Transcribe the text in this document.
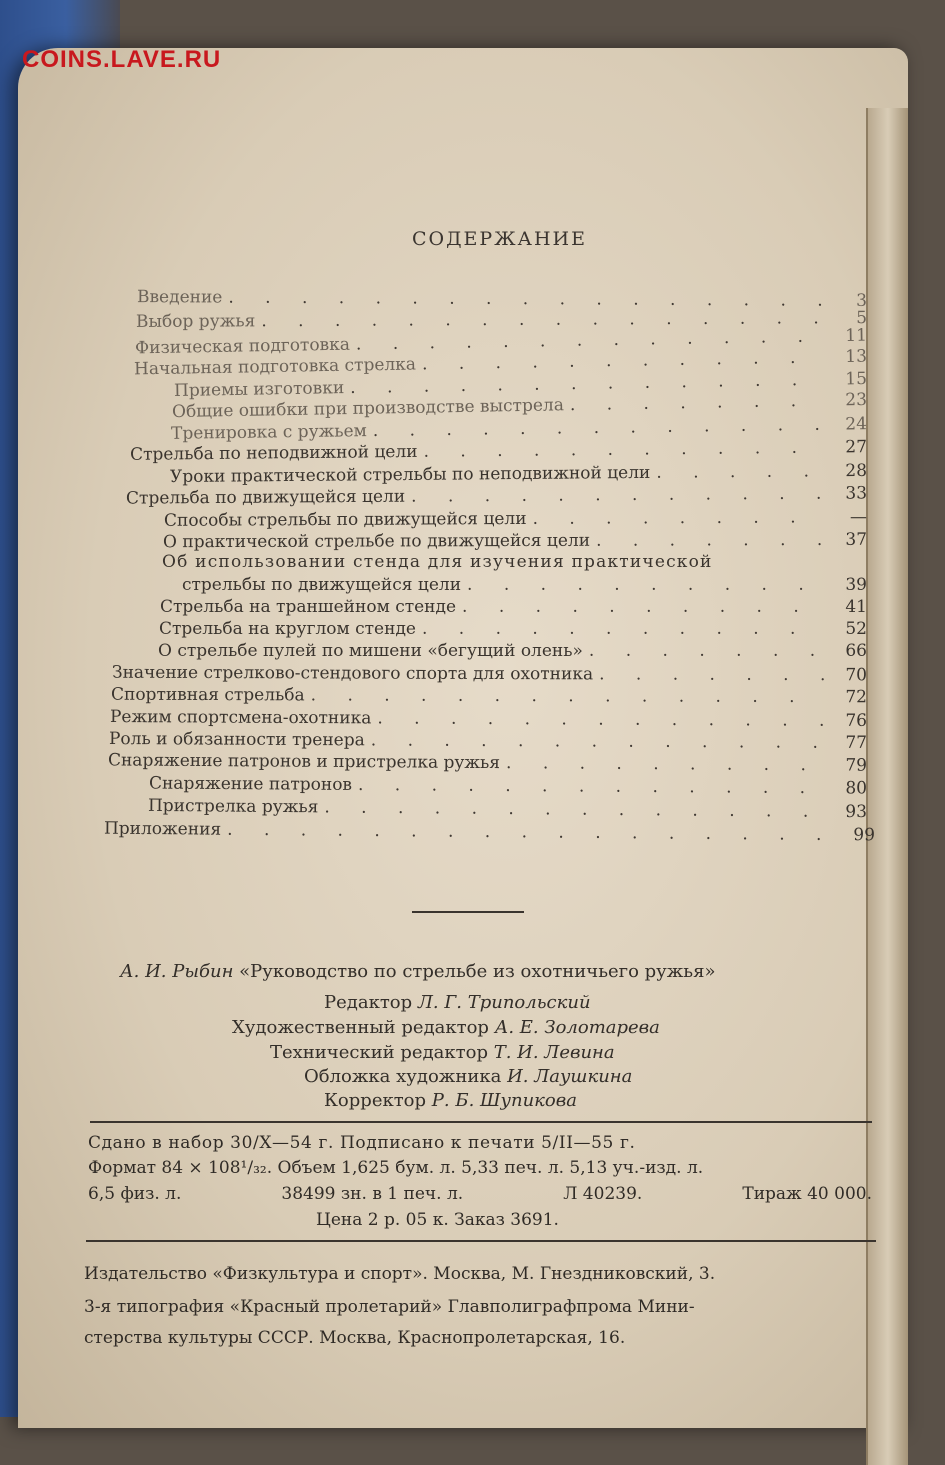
COINS.LAVE.RU
СОДЕРЖАНИЕ
Введение . . .	3
Выбор ружья . . .	5
Физическая подготовка . . .	11
Начальная подготовка стрелка . . .	13
Приемы изготовки . . .	15
Общие ошибки при производстве выстрела . . .	23
Тренировка с ружьем . . .	24
Стрельба по неподвижной цели . . .	27
Уроки практической стрельбы по неподвижной цели . . .	28
Стрельба по движущейся цели . . .	33
Способы стрельбы по движущейся цели . . .	—
О практической стрельбе по движущейся цели . . .	37
Об использовании стенда для изучения практической
стрельбы по движущейся цели . . .	39
Стрельба на траншейном стенде . . .	41
Стрельба на круглом стенде . . .	52
О стрельбе пулей по мишени «бегущий олень» . . .	66
Значение стрелково-стендового спорта для охотника . . .	70
Спортивная стрельба . . .	72
Режим спортсмена-охотника . . .	76
Роль и обязанности тренера . . .	77
Снаряжение патронов и пристрелка ружья . . .	79
Снаряжение патронов . . .	80
Пристрелка ружья . . .	93
Приложения . . .	99
А. И. Рыбин «Руководство по стрельбе из охотничьего ружья»
Редактор Л. Г. Трипольский
Художественный редактор А. Е. Золотарева
Технический редактор Т. И. Левина
Обложка художника И. Лаушкина
Корректор Р. Б. Шупикова
Сдано в набор 30/X—54 г. Подписано к печати 5/II—55 г.
Формат 84 × 108¹/₃₂. Объем 1,625 бум. л. 5,33 печ. л. 5,13 уч.-изд. л.
6,5 физ. л.	38499 зн. в 1 печ. л.	Л 40239.	Тираж 40 000.
Цена 2 р. 05 к. Заказ 3691.
Издательство «Физкультура и спорт». Москва, М. Гнездниковский, 3.
3-я типография «Красный пролетарий» Главполиграфпрома Мини-
стерства культуры СССР. Москва, Краснопролетарская, 16.
